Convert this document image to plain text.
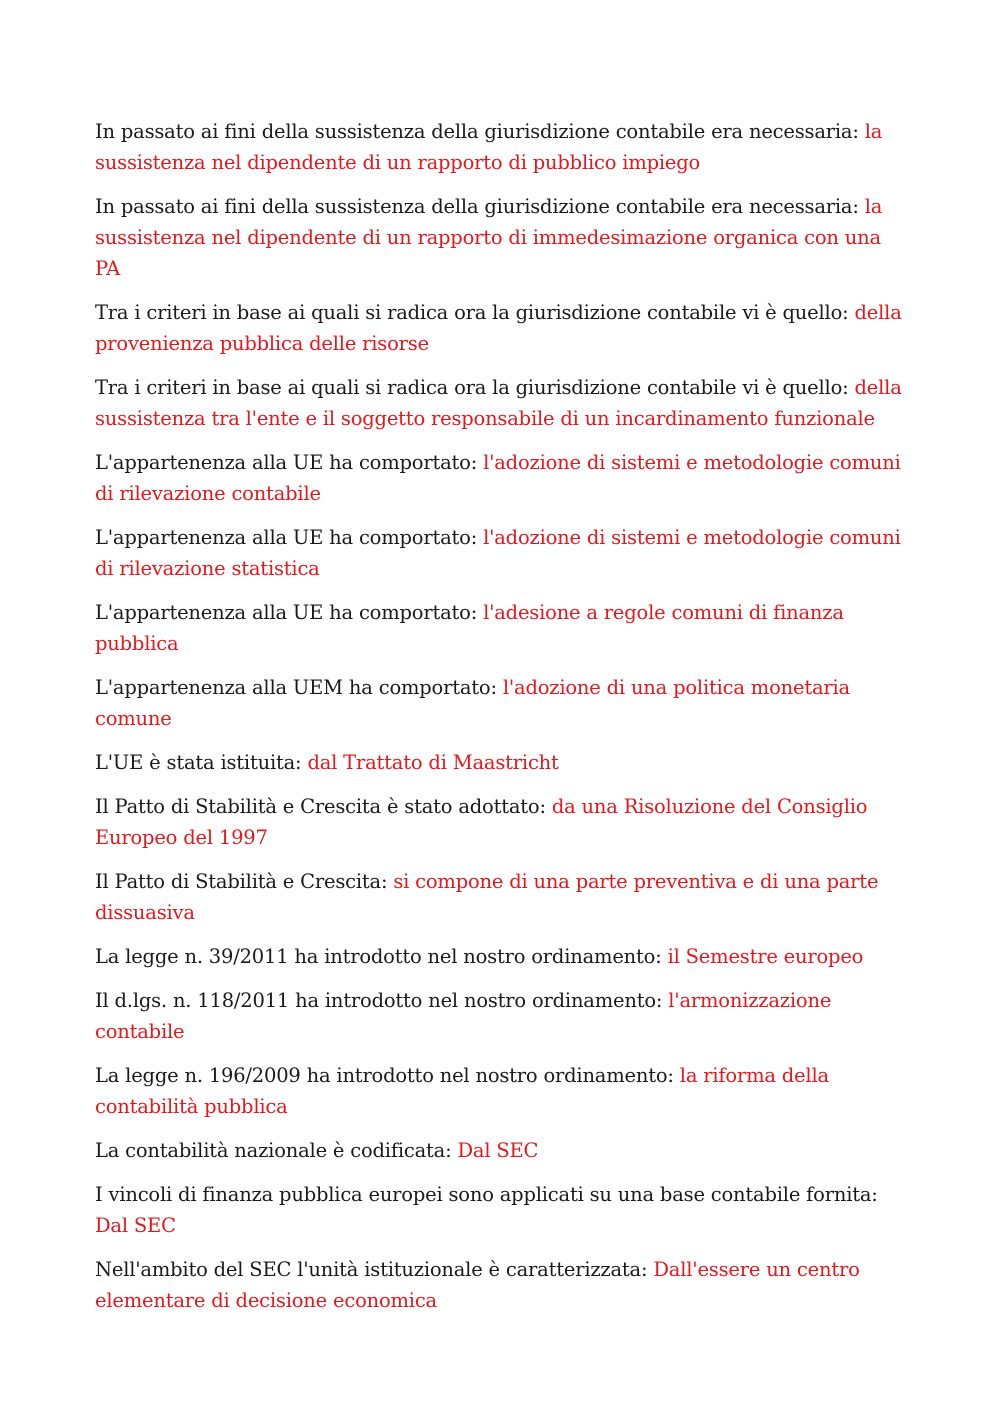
In passato ai fini della sussistenza della giurisdizione contabile era necessaria: la sussistenza nel dipendente di un rapporto di pubblico impiego

In passato ai fini della sussistenza della giurisdizione contabile era necessaria: la sussistenza nel dipendente di un rapporto di immedesimazione organica con una PA

Tra i criteri in base ai quali si radica ora la giurisdizione contabile vi è quello: della provenienza pubblica delle risorse

Tra i criteri in base ai quali si radica ora la giurisdizione contabile vi è quello: della sussistenza tra l'ente e il soggetto responsabile di un incardinamento funzionale

L'appartenenza alla UE ha comportato: l'adozione di sistemi e metodologie comuni di rilevazione contabile

L'appartenenza alla UE ha comportato: l'adozione di sistemi e metodologie comuni di rilevazione statistica

L'appartenenza alla UE ha comportato: l'adesione a regole comuni di finanza pubblica

L'appartenenza alla UEM ha comportato: l'adozione di una politica monetaria comune

L'UE è stata istituita: dal Trattato di Maastricht

Il Patto di Stabilità e Crescita è stato adottato: da una Risoluzione del Consiglio Europeo del 1997

Il Patto di Stabilità e Crescita: si compone di una parte preventiva e di una parte dissuasiva

La legge n. 39/2011 ha introdotto nel nostro ordinamento: il Semestre europeo

Il d.lgs. n. 118/2011 ha introdotto nel nostro ordinamento: l'armonizzazione contabile

La legge n. 196/2009 ha introdotto nel nostro ordinamento: la riforma della contabilità pubblica

La contabilità nazionale è codificata: Dal SEC

I vincoli di finanza pubblica europei sono applicati su una base contabile fornita: Dal SEC

Nell'ambito del SEC l'unità istituzionale è caratterizzata: Dall'essere un centro elementare di decisione economica
